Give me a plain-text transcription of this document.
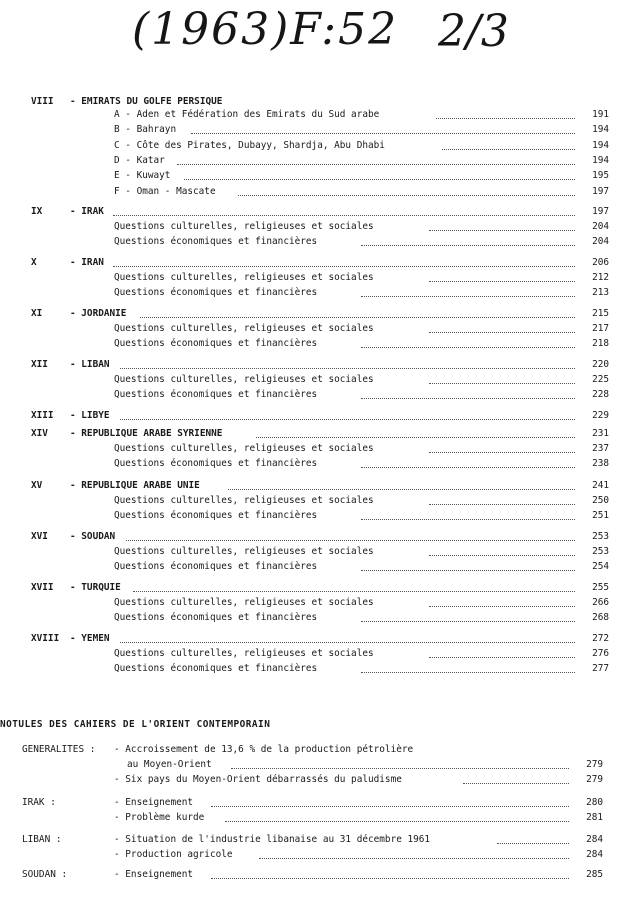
(1963)F:52 2/3
VIII - EMIRATS DU GOLFE PERSIQUE
A - Aden et Fédération des Emirats du Sud arabe	191
B - Bahrayn	194
C - Côte des Pirates, Dubayy, Shardja, Abu Dhabi	194
D - Katar	194
E - Kuwayt	195
F - Oman - Mascate	197
IX	- IRAK	197
Questions culturelles, religieuses et sociales	204
Questions économiques et financières	204
X	- IRAN	206
Questions culturelles, religieuses et sociales	212
Questions économiques et financières	213
XI	- JORDANIE	215
Questions culturelles, religieuses et sociales	217
Questions économiques et financières	218
XII - LIBAN	220
Questions culturelles, religieuses et sociales	225
Questions économiques et financières	228
XIII - LIBYE	229
XIV - REPUBLIQUE ARABE SYRIENNE	231
Questions culturelles, religieuses et sociales	237
Questions économiques et financières	238
XV	- REPUBLIQUE ARABE UNIE	241
Questions culturelles, religieuses et sociales	250
Questions économiques et financières	251
XVI - SOUDAN	253
Questions culturelles, religieuses et sociales	253
Questions économiques et financières	254
XVII - TURQUIE	255
Questions culturelles, religieuses et sociales	266
Questions économiques et financières	268
XVIII - YEMEN	272
Questions culturelles, religieuses et sociales	276
Questions économiques et financières	277
NOTULES DES CAHIERS DE L'ORIENT CONTEMPORAIN
GENERALITES : - Accroissement de 13,6 % de la production pétrolière
au Moyen-Orient	279
- Six pays du Moyen-Orient débarrassés du paludisme	279
IRAK :	- Enseignement	280
- Problème kurde	281
LIBAN :	- Situation de l'industrie libanaise au 31 décembre 1961	284
- Production agricole	284
SOUDAN :	- Enseignement	285
